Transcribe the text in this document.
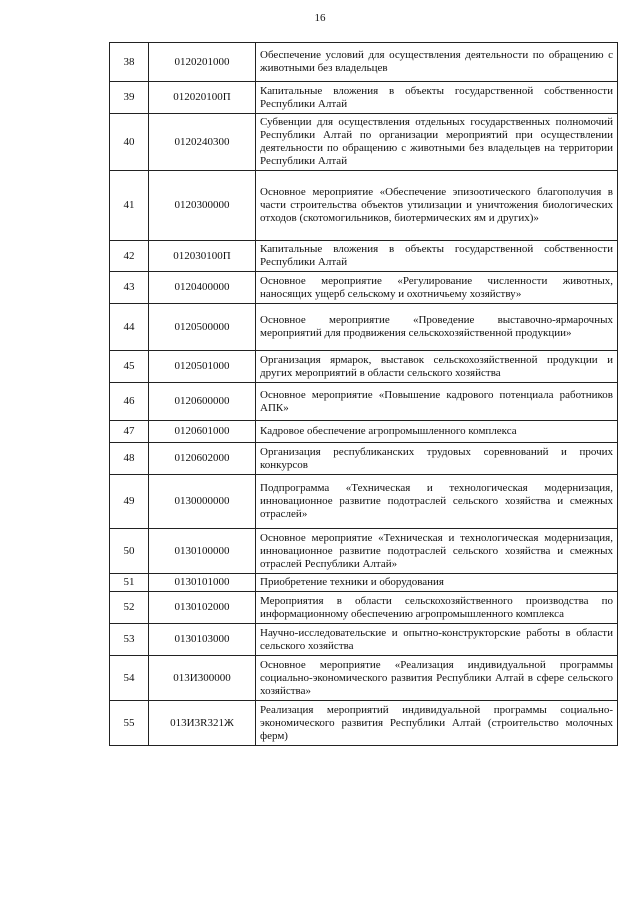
16
38	0120201000	Обеспечение условий для осуществления деятельности по обращению с животными без владельцев
39	012020100П	Капитальные вложения в объекты государственной собственности Республики Алтай
40	0120240300	Субвенции для осуществления отдельных государственных полномочий Республики Алтай по организации мероприятий при осуществлении деятельности по обращению с животными без владельцев на территории Республики Алтай
41	0120300000	Основное мероприятие «Обеспечение эпизоотического благополучия в части строительства объектов утилизации и уничтожения биологических отходов (скотомогильников, биотермических ям и других)»
42	012030100П	Капитальные вложения в объекты государственной собственности Республики Алтай
43	0120400000	Основное мероприятие «Регулирование численности животных, наносящих ущерб сельскому и охотничьему хозяйству»
44	0120500000	Основное мероприятие «Проведение выставочно-ярмарочных мероприятий для продвижения сельскохозяйственной продукции»
45	0120501000	Организация ярмарок, выставок сельскохозяйственной продукции и других мероприятий в области сельского хозяйства
46	0120600000	Основное мероприятие «Повышение кадрового потенциала работников АПК»
47	0120601000	Кадровое обеспечение агропромышленного комплекса
48	0120602000	Организация республиканских трудовых соревнований и прочих конкурсов
49	0130000000	Подпрограмма «Техническая и технологическая модернизация, инновационное развитие подотраслей сельского хозяйства и смежных отраслей»
50	0130100000	Основное мероприятие «Техническая и технологическая модернизация, инновационное развитие подотраслей сельского хозяйства и смежных отраслей Республики Алтай»
51	0130101000	Приобретение техники и оборудования
52	0130102000	Мероприятия в области сельскохозяйственного производства по информационному обеспечению агропромышленного комплекса
53	0130103000	Научно-исследовательские и опытно-конструкторские работы в области сельского хозяйства
54	013И300000	Основное мероприятие «Реализация индивидуальной программы социально-экономического развития Республики Алтай в сфере сельского хозяйства»
55	013И3R321Ж	Реализация мероприятий индивидуальной программы социально-экономического развития Республики Алтай (строительство молочных ферм)
